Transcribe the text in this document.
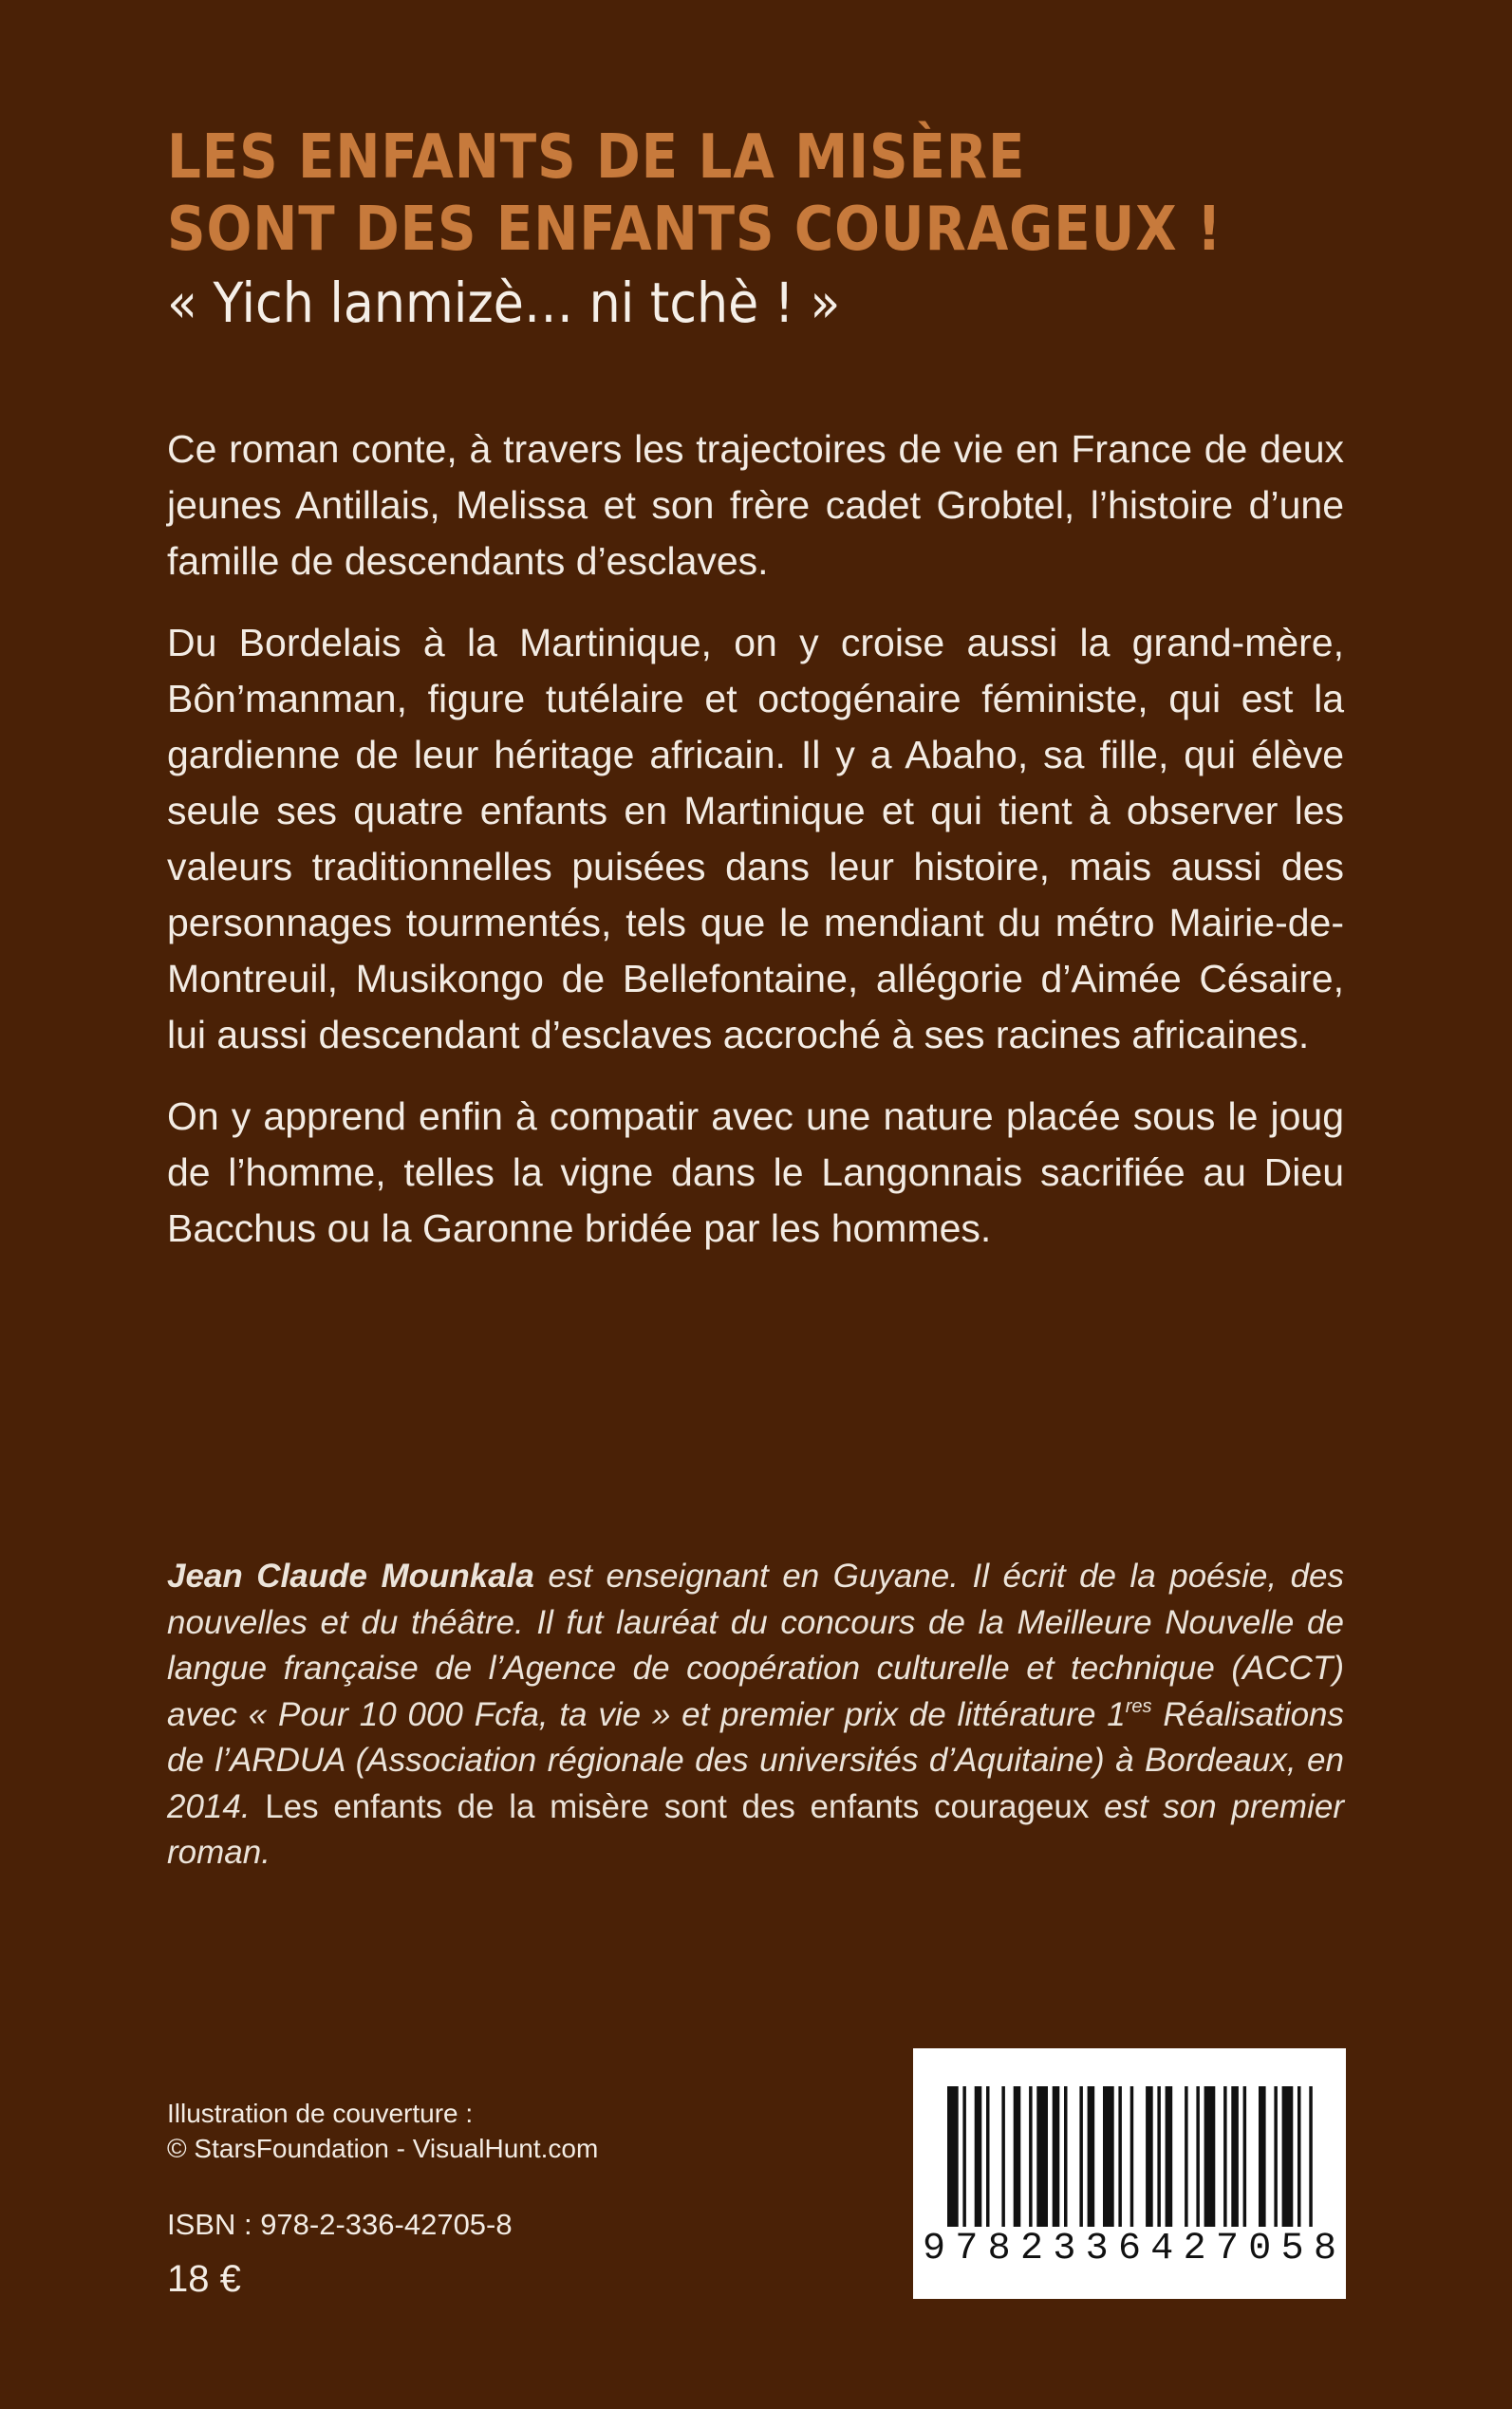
LES ENFANTS DE LA MISÈRE
SONT DES ENFANTS COURAGEUX !
« Yich lanmizè… ni tchè ! »

Ce roman conte, à travers les trajectoires de vie en France de deux jeunes Antillais, Melissa et son frère cadet Grobtel, l’histoire d’une famille de descendants d’esclaves.

Du Bordelais à la Martinique, on y croise aussi la grand-mère, Bôn’manman, figure tutélaire et octogénaire féministe, qui est la gardienne de leur héritage africain. Il y a Abaho, sa fille, qui élève seule ses quatre enfants en Martinique et qui tient à observer les valeurs traditionnelles puisées dans leur histoire, mais aussi des personnages tourmentés, tels que le mendiant du métro Mairie-de-Montreuil, Musikongo de Bellefontaine, allégorie d’Aimée Césaire, lui aussi descendant d’esclaves accroché à ses racines africaines.

On y apprend enfin à compatir avec une nature placée sous le joug de l’homme, telles la vigne dans le Langonnais sacrifiée au Dieu Bacchus ou la Garonne bridée par les hommes.

Jean Claude Mounkala est enseignant en Guyane. Il écrit de la poésie, des nouvelles et du théâtre. Il fut lauréat du concours de la Meilleure Nouvelle de langue française de l’Agence de coopération culturelle et technique (ACCT) avec « Pour 10 000 Fcfa, ta vie » et premier prix de littérature 1res Réalisations de l’ARDUA (Association régionale des universités d’Aquitaine) à Bordeaux, en 2014. Les enfants de la misère sont des enfants courageux est son premier roman.

Illustration de couverture :
© StarsFoundation - VisualHunt.com
ISBN : 978-2-336-42705-8
18 €
9 7 8 2 3 3 6 4 2 7 0 5 8
